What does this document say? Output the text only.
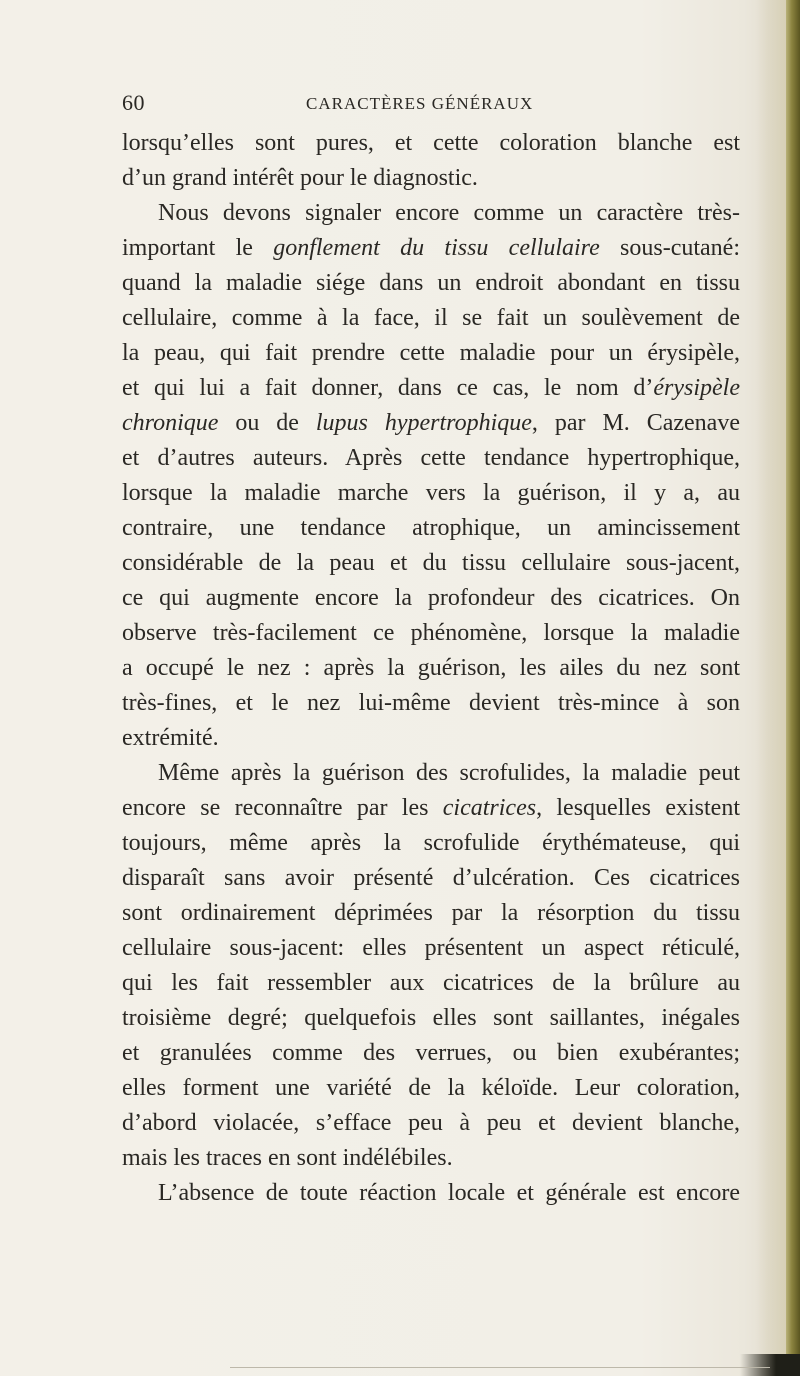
60	CARACTÈRES GÉNÉRAUX
lorsqu’elles sont pures, et cette coloration blanche est
d’un grand intérêt pour le diagnostic.
Nous devons signaler encore comme un caractère très-
important le gonflement du tissu cellulaire sous-cutané:
quand la maladie siége dans un endroit abondant en tissu
cellulaire, comme à la face, il se fait un soulèvement de
la peau, qui fait prendre cette maladie pour un érysipèle,
et qui lui a fait donner, dans ce cas, le nom d’érysipèle
chronique ou de lupus hypertrophique, par M. Cazenave
et d’autres auteurs. Après cette tendance hypertrophique,
lorsque la maladie marche vers la guérison, il y a, au
contraire, une tendance atrophique, un amincissement
considérable de la peau et du tissu cellulaire sous-jacent,
ce qui augmente encore la profondeur des cicatrices. On
observe très-facilement ce phénomène, lorsque la maladie
a occupé le nez : après la guérison, les ailes du nez sont
très-fines, et le nez lui-même devient très-mince à son
extrémité.
Même après la guérison des scrofulides, la maladie peut
encore se reconnaître par les cicatrices, lesquelles existent
toujours, même après la scrofulide érythémateuse, qui
disparaît sans avoir présenté d’ulcération. Ces cicatrices
sont ordinairement déprimées par la résorption du tissu
cellulaire sous-jacent: elles présentent un aspect réticulé,
qui les fait ressembler aux cicatrices de la brûlure au
troisième degré; quelquefois elles sont saillantes, inégales
et granulées comme des verrues, ou bien exubérantes;
elles forment une variété de la kéloïde. Leur coloration,
d’abord violacée, s’efface peu à peu et devient blanche,
mais les traces en sont indélébiles.
L’absence de toute réaction locale et générale est encore
